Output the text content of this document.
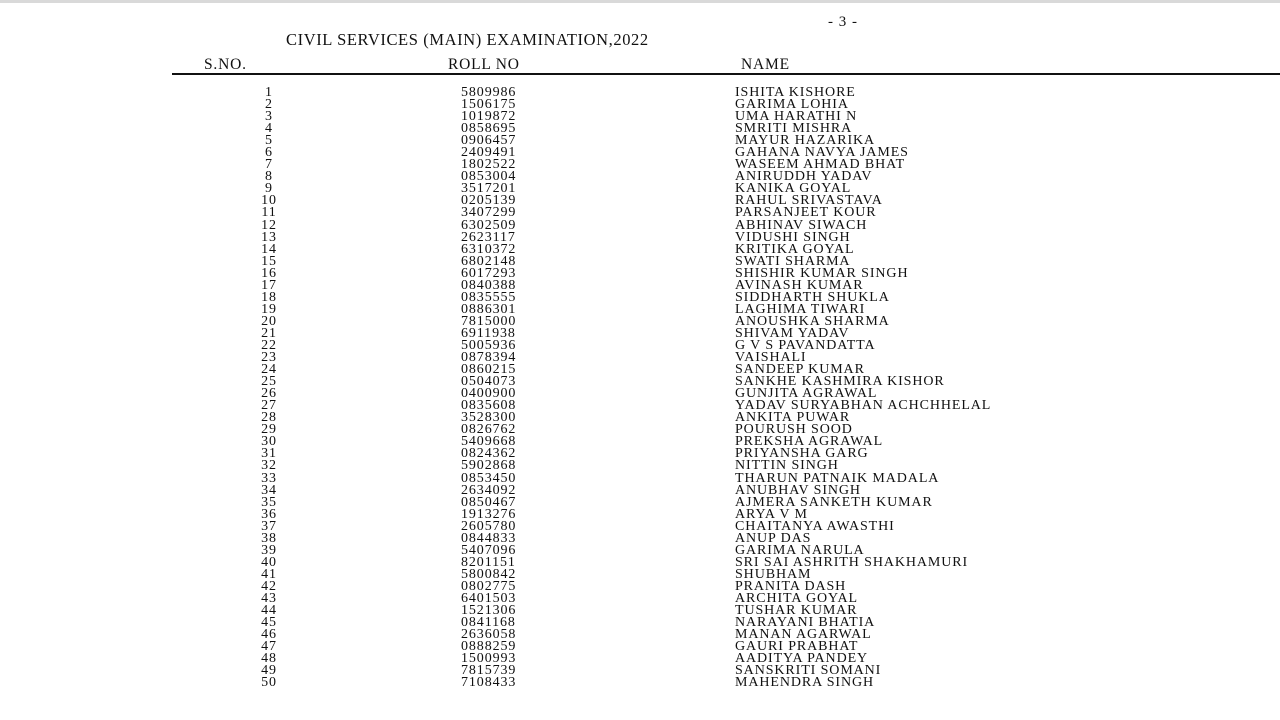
- 3 -
CIVIL SERVICES (MAIN) EXAMINATION,2022
S.NO.	ROLL NO	NAME
1	5809986	ISHITA KISHORE
2	1506175	GARIMA LOHIA
3	1019872	UMA HARATHI N
4	0858695	SMRITI MISHRA
5	0906457	MAYUR HAZARIKA
6	2409491	GAHANA NAVYA JAMES
7	1802522	WASEEM AHMAD BHAT
8	0853004	ANIRUDDH YADAV
9	3517201	KANIKA GOYAL
10	0205139	RAHUL SRIVASTAVA
11	3407299	PARSANJEET KOUR
12	6302509	ABHINAV SIWACH
13	2623117	VIDUSHI SINGH
14	6310372	KRITIKA GOYAL
15	6802148	SWATI SHARMA
16	6017293	SHISHIR KUMAR SINGH
17	0840388	AVINASH KUMAR
18	0835555	SIDDHARTH SHUKLA
19	0886301	LAGHIMA TIWARI
20	7815000	ANOUSHKA SHARMA
21	6911938	SHIVAM YADAV
22	5005936	G V S PAVANDATTA
23	0878394	VAISHALI
24	0860215	SANDEEP KUMAR
25	0504073	SANKHE KASHMIRA KISHOR
26	0400900	GUNJITA AGRAWAL
27	0835608	YADAV SURYABHAN ACHCHHELAL
28	3528300	ANKITA PUWAR
29	0826762	POURUSH SOOD
30	5409668	PREKSHA AGRAWAL
31	0824362	PRIYANSHA GARG
32	5902868	NITTIN SINGH
33	0853450	THARUN PATNAIK MADALA
34	2634092	ANUBHAV SINGH
35	0850467	AJMERA SANKETH KUMAR
36	1913276	ARYA V M
37	2605780	CHAITANYA AWASTHI
38	0844833	ANUP DAS
39	5407096	GARIMA NARULA
40	8201151	SRI SAI ASHRITH SHAKHAMURI
41	5800842	SHUBHAM
42	0802775	PRANITA DASH
43	6401503	ARCHITA GOYAL
44	1521306	TUSHAR KUMAR
45	0841168	NARAYANI BHATIA
46	2636058	MANAN AGARWAL
47	0888259	GAURI PRABHAT
48	1500993	AADITYA PANDEY
49	7815739	SANSKRITI SOMANI
50	7108433	MAHENDRA SINGH
